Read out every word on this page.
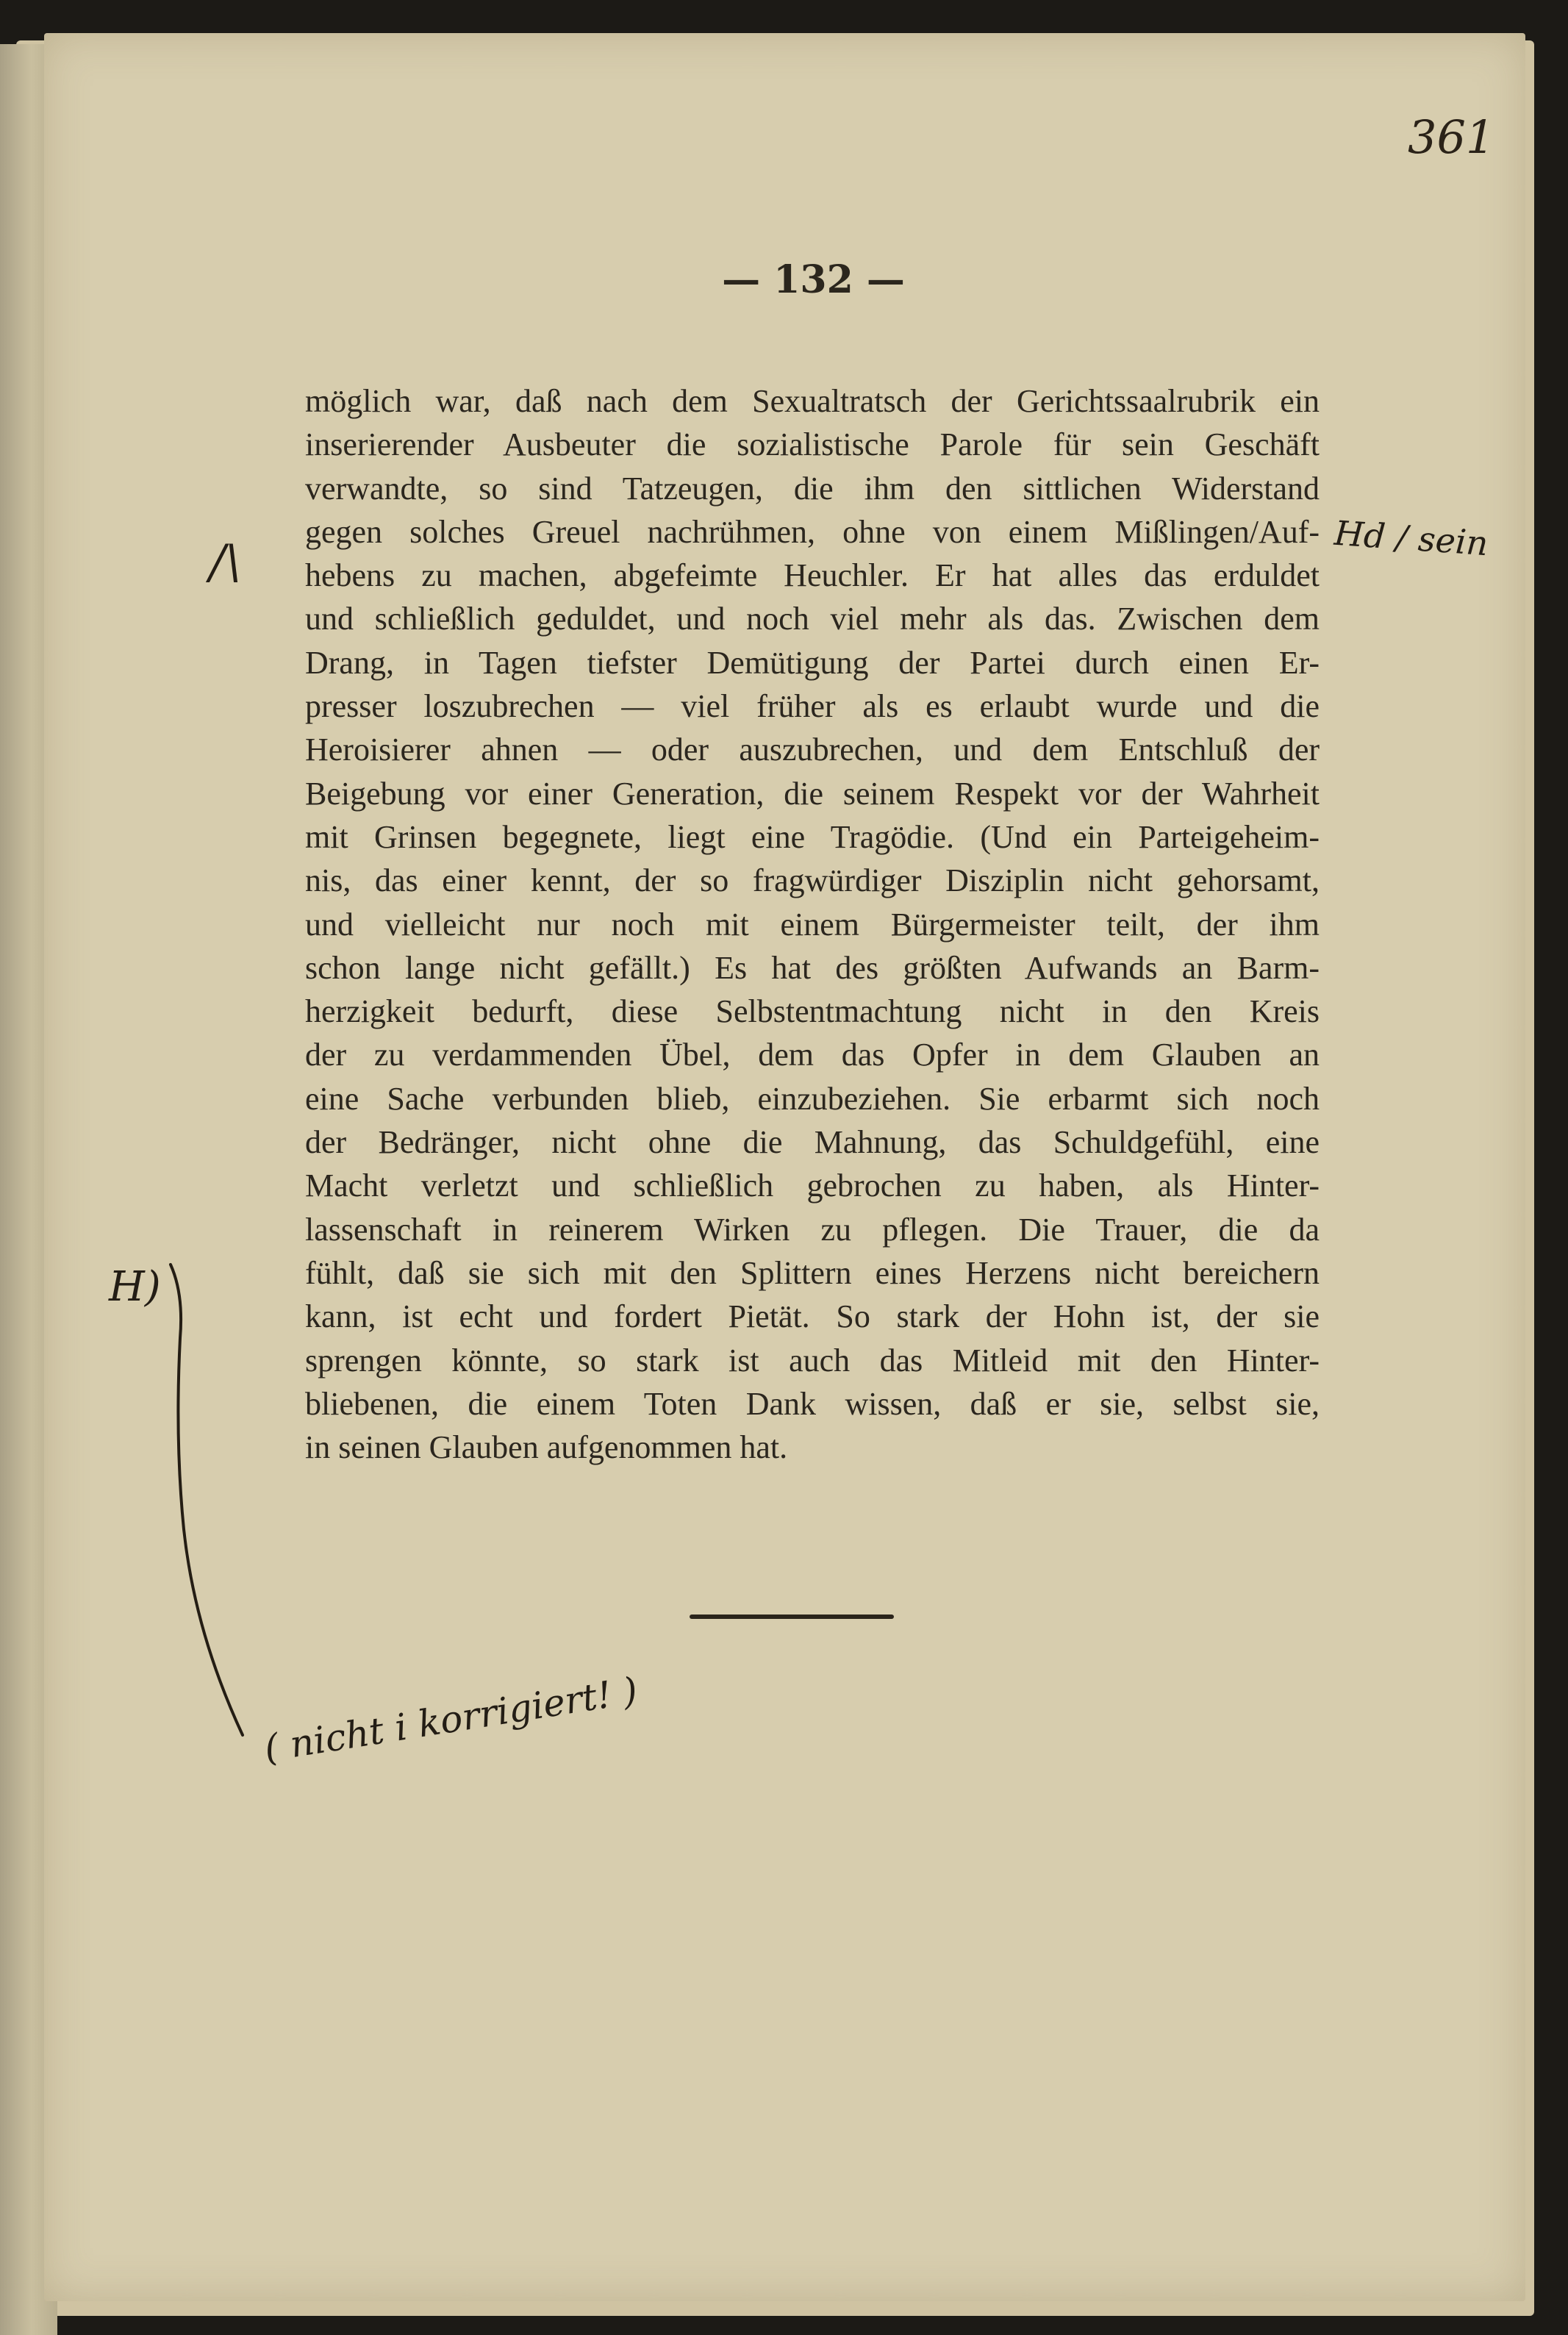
361

— 132 —

möglich war, daß nach dem Sexualtratsch der Gerichtssaalrubrik ein
inserierender Ausbeuter die sozialistische Parole für sein Geschäft
verwandte, so sind Tatzeugen, die ihm den sittlichen Widerstand
gegen solches Greuel nachrühmen, ohne von einem Mißlingen/Auf-
hebens zu machen, abgefeimte Heuchler. Er hat alles das erduldet
und schließlich geduldet, und noch viel mehr als das. Zwischen dem
Drang, in Tagen tiefster Demütigung der Partei durch einen Er-
presser loszubrechen — viel früher als es erlaubt wurde und die
Heroisierer ahnen — oder auszubrechen, und dem Entschluß der
Beigebung vor einer Generation, die seinem Respekt vor der Wahrheit
mit Grinsen begegnete, liegt eine Tragödie. (Und ein Parteigeheim-
nis, das einer kennt, der so fragwürdiger Disziplin nicht gehorsamt,
und vielleicht nur noch mit einem Bürgermeister teilt, der ihm
schon lange nicht gefällt.) Es hat des größten Aufwands an Barm-
herzigkeit bedurft, diese Selbstentmachtung nicht in den Kreis
der zu verdammenden Übel, dem das Opfer in dem Glauben an
eine Sache verbunden blieb, einzubeziehen. Sie erbarmt sich noch
der Bedränger, nicht ohne die Mahnung, das Schuldgefühl, eine
Macht verletzt und schließlich gebrochen zu haben, als Hinter-
lassenschaft in reinerem Wirken zu pflegen. Die Trauer, die da
fühlt, daß sie sich mit den Splittern eines Herzens nicht bereichern
kann, ist echt und fordert Pietät. So stark der Hohn ist, der sie
sprengen könnte, so stark ist auch das Mitleid mit den Hinter-
bliebenen, die einem Toten Dank wissen, daß er sie, selbst sie,
in seinen Glauben aufgenommen hat.

Hd / sein

/\

H)

( nicht i korrigiert! )
